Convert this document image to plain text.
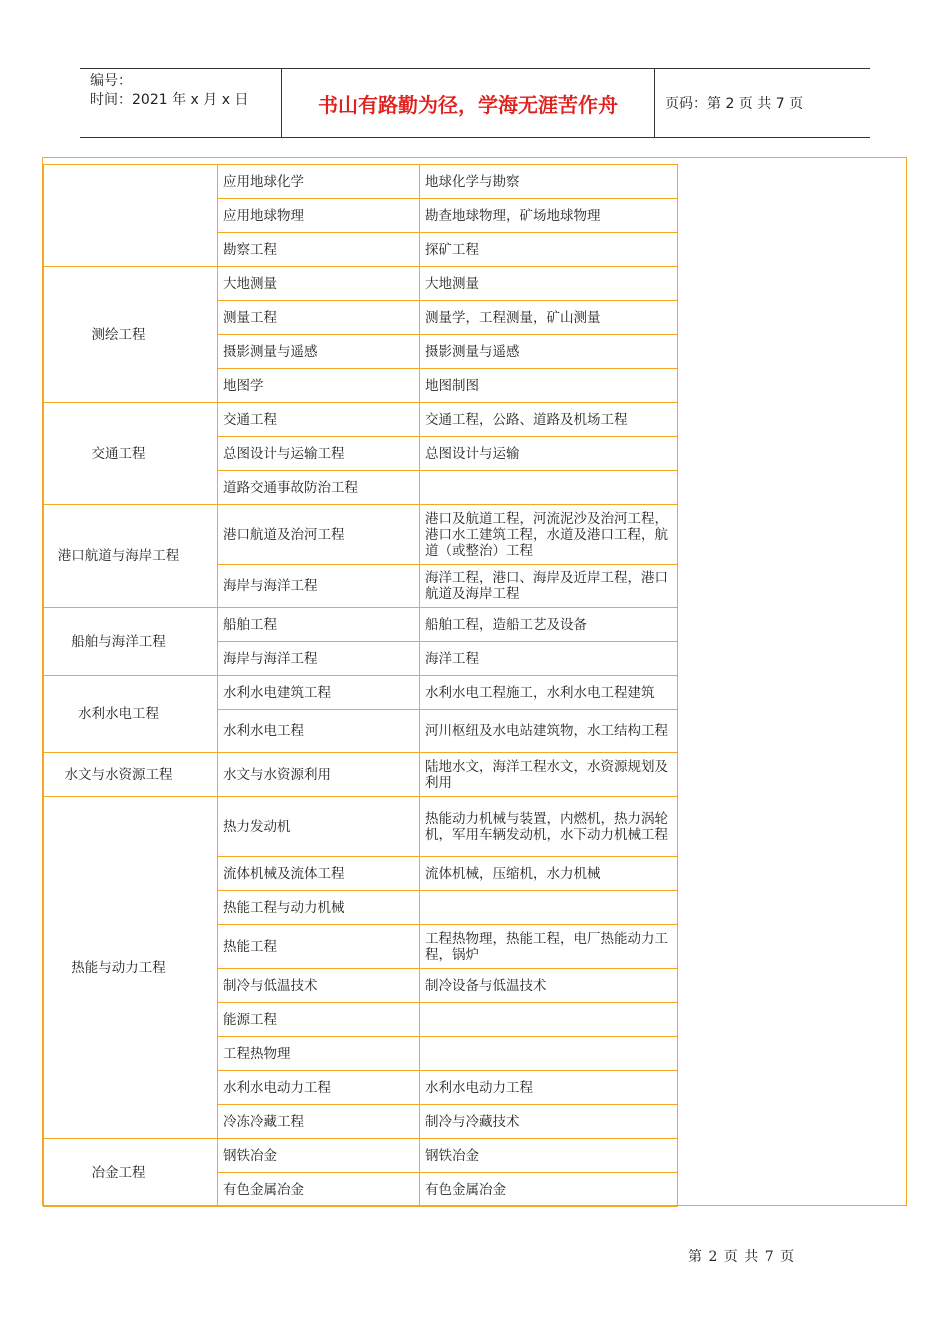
编号：
时间：2021 年 x 月 x 日	书山有路勤为径，学海无涯苦作舟	页码：第 2 页 共 7 页
	应用地球化学	地球化学与勘察
	应用地球物理	勘查地球物理，矿场地球物理
	勘察工程	探矿工程
测绘工程	大地测量	大地测量
	测量工程	测量学，工程测量，矿山测量
	摄影测量与遥感	摄影测量与遥感
	地图学	地图制图
交通工程	交通工程	交通工程，公路、道路及机场工程
	总图设计与运输工程	总图设计与运输
	道路交通事故防治工程	
港口航道与海岸工程	港口航道及治河工程	港口及航道工程，河流泥沙及治河工程，港口水工建筑工程，水道及港口工程，航道（或整治）工程
	海岸与海洋工程	海洋工程，港口、海岸及近岸工程，港口航道及海岸工程
船舶与海洋工程	船舶工程	船舶工程，造船工艺及设备
	海岸与海洋工程	海洋工程
水利水电工程	水利水电建筑工程	水利水电工程施工，水利水电工程建筑
	水利水电工程	河川枢纽及水电站建筑物，水工结构工程
水文与水资源工程	水文与水资源利用	陆地水文，海洋工程水文，水资源规划及利用
热能与动力工程	热力发动机	热能动力机械与装置，内燃机，热力涡轮机，军用车辆发动机，水下动力机械工程
	流体机械及流体工程	流体机械，压缩机，水力机械
	热能工程与动力机械	
	热能工程	工程热物理，热能工程，电厂热能动力工程，锅炉
	制冷与低温技术	制冷设备与低温技术
	能源工程	
	工程热物理	
	水利水电动力工程	水利水电动力工程
	冷冻冷藏工程	制冷与冷藏技术
冶金工程	钢铁冶金	钢铁冶金
	有色金属冶金	有色金属冶金
第 2 页 共 7 页
